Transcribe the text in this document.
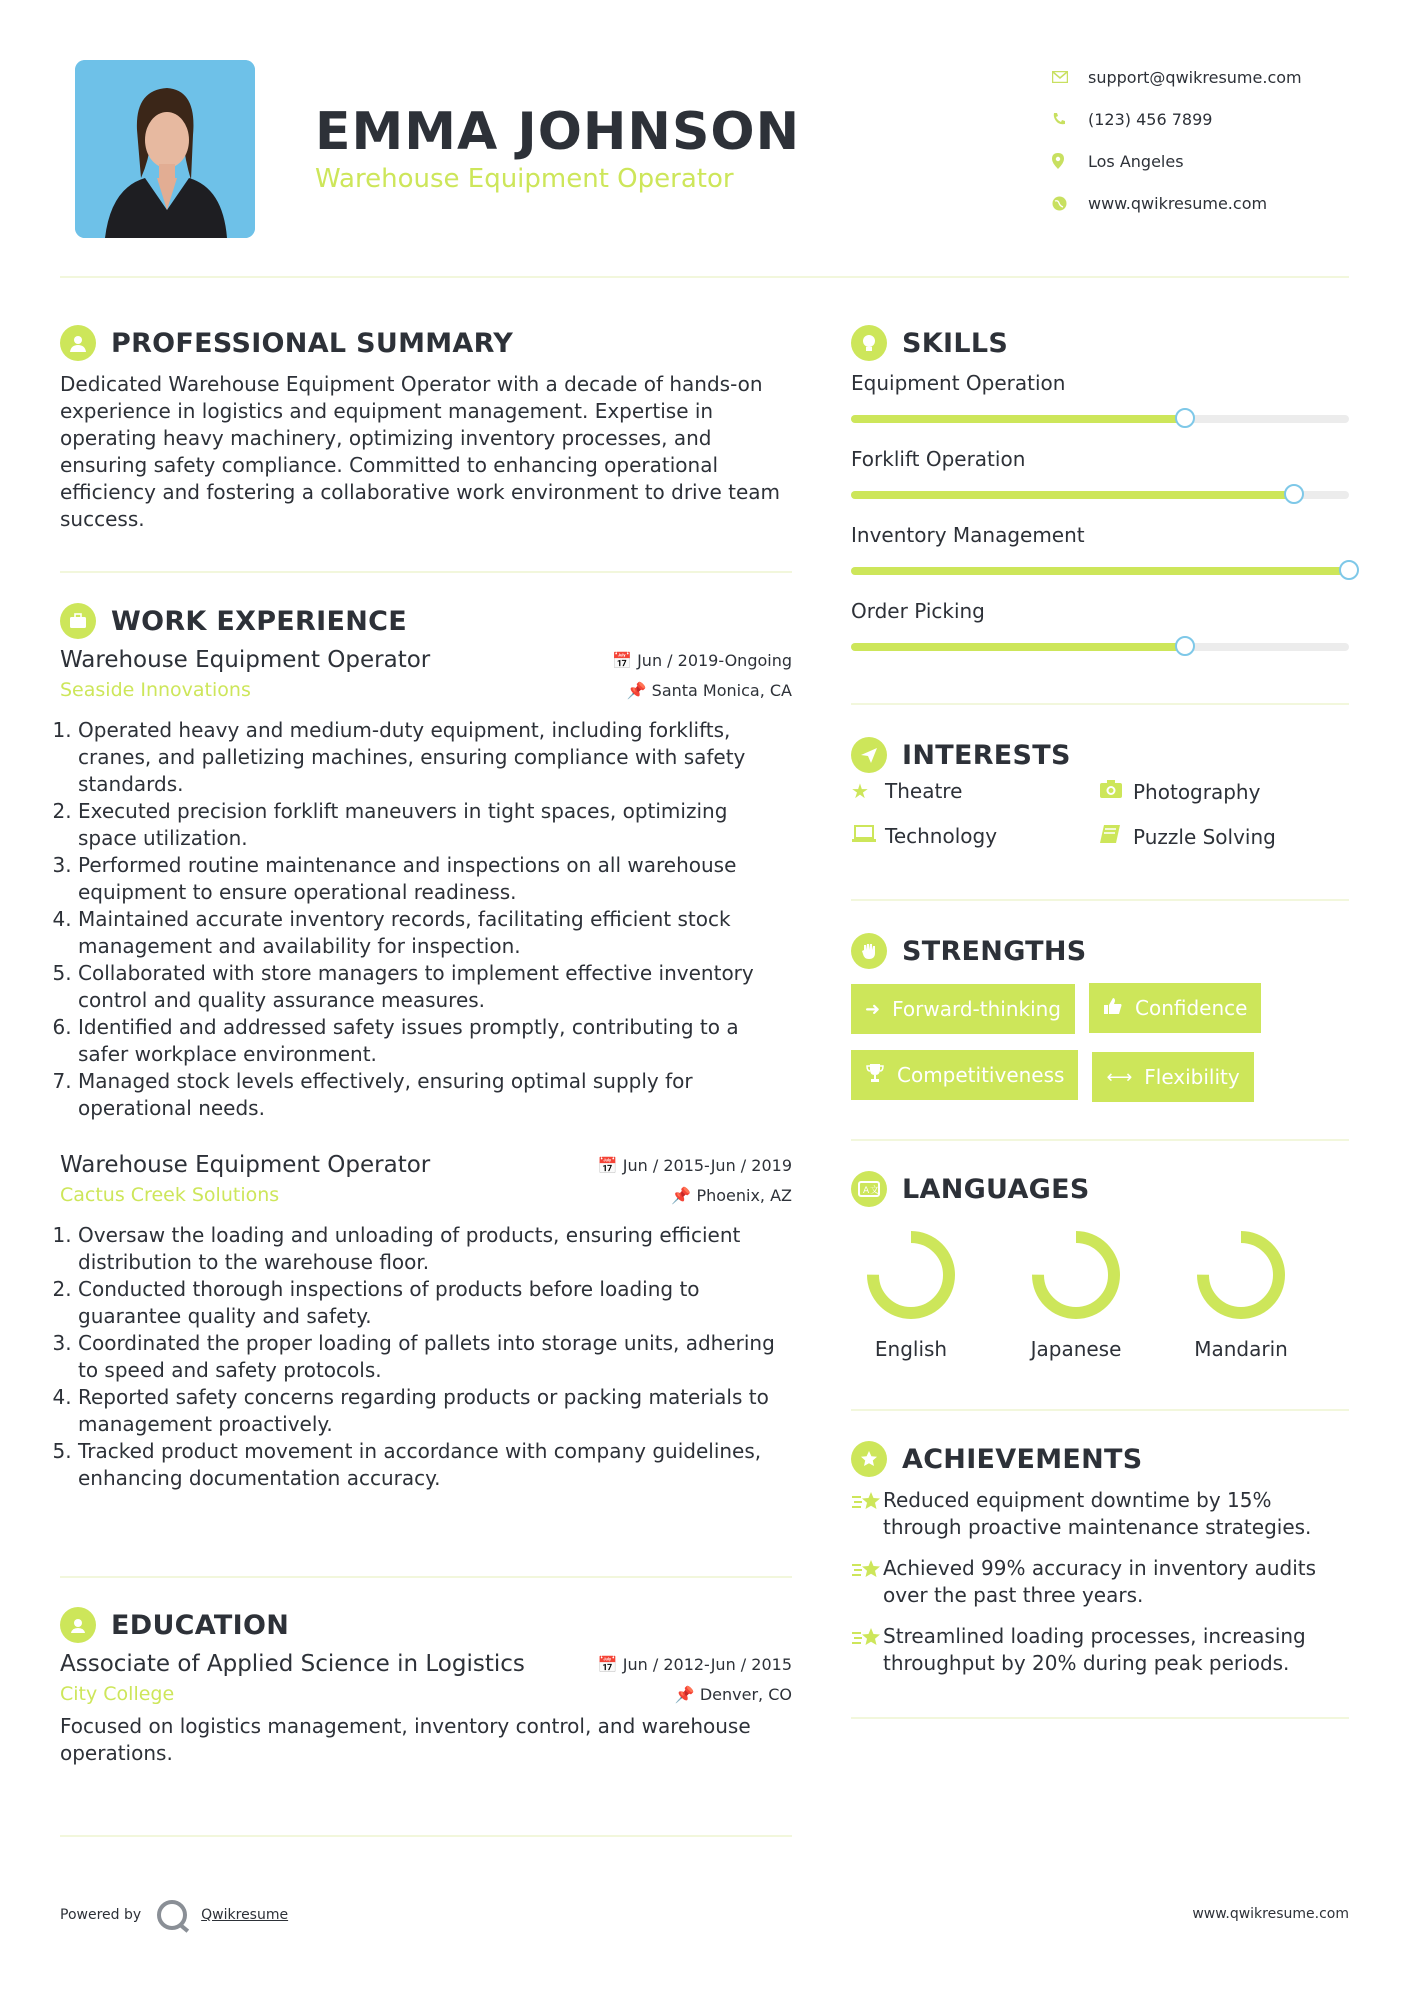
EMMA JOHNSON
Warehouse Equipment Operator
support@qwikresume.com
(123) 456 7899
Los Angeles
www.qwikresume.com
PROFESSIONAL SUMMARY
Dedicated Warehouse Equipment Operator with a decade of hands-on experience in logistics and equipment management. Expertise in operating heavy machinery, optimizing inventory processes, and ensuring safety compliance. Committed to enhancing operational efficiency and fostering a collaborative work environment to drive team success.
WORK EXPERIENCE
Warehouse Equipment Operator	📅 Jun / 2019-Ongoing
Seaside Innovations	📌 Santa Monica, CA
1. Operated heavy and medium-duty equipment, including forklifts, cranes, and palletizing machines, ensuring compliance with safety standards.
2. Executed precision forklift maneuvers in tight spaces, optimizing space utilization.
3. Performed routine maintenance and inspections on all warehouse equipment to ensure operational readiness.
4. Maintained accurate inventory records, facilitating efficient stock management and availability for inspection.
5. Collaborated with store managers to implement effective inventory control and quality assurance measures.
6. Identified and addressed safety issues promptly, contributing to a safer workplace environment.
7. Managed stock levels effectively, ensuring optimal supply for operational needs.
Warehouse Equipment Operator	📅 Jun / 2015-Jun / 2019
Cactus Creek Solutions	📌 Phoenix, AZ
1. Oversaw the loading and unloading of products, ensuring efficient distribution to the warehouse floor.
2. Conducted thorough inspections of products before loading to guarantee quality and safety.
3. Coordinated the proper loading of pallets into storage units, adhering to speed and safety protocols.
4. Reported safety concerns regarding products or packing materials to management proactively.
5. Tracked product movement in accordance with company guidelines, enhancing documentation accuracy.
EDUCATION
Associate of Applied Science in Logistics	📅 Jun / 2012-Jun / 2015
City College	📌 Denver, CO
Focused on logistics management, inventory control, and warehouse operations.
SKILLS
Equipment Operation
Forklift Operation
Inventory Management
Order Picking
INTERESTS
★ Theatre	Photography
Technology	Puzzle Solving
STRENGTHS
➜ Forward-thinking	Confidence
Competitiveness ⟷ Flexibility
A 文 LANGUAGES
English	Japanese	Mandarin
ACHIEVEMENTS
Reduced equipment downtime by 15% through proactive maintenance strategies.
Achieved 99% accuracy in inventory audits over the past three years.
Streamlined loading processes, increasing throughput by 20% during peak periods.
Powered by	Qwikresume	www.qwikresume.com
